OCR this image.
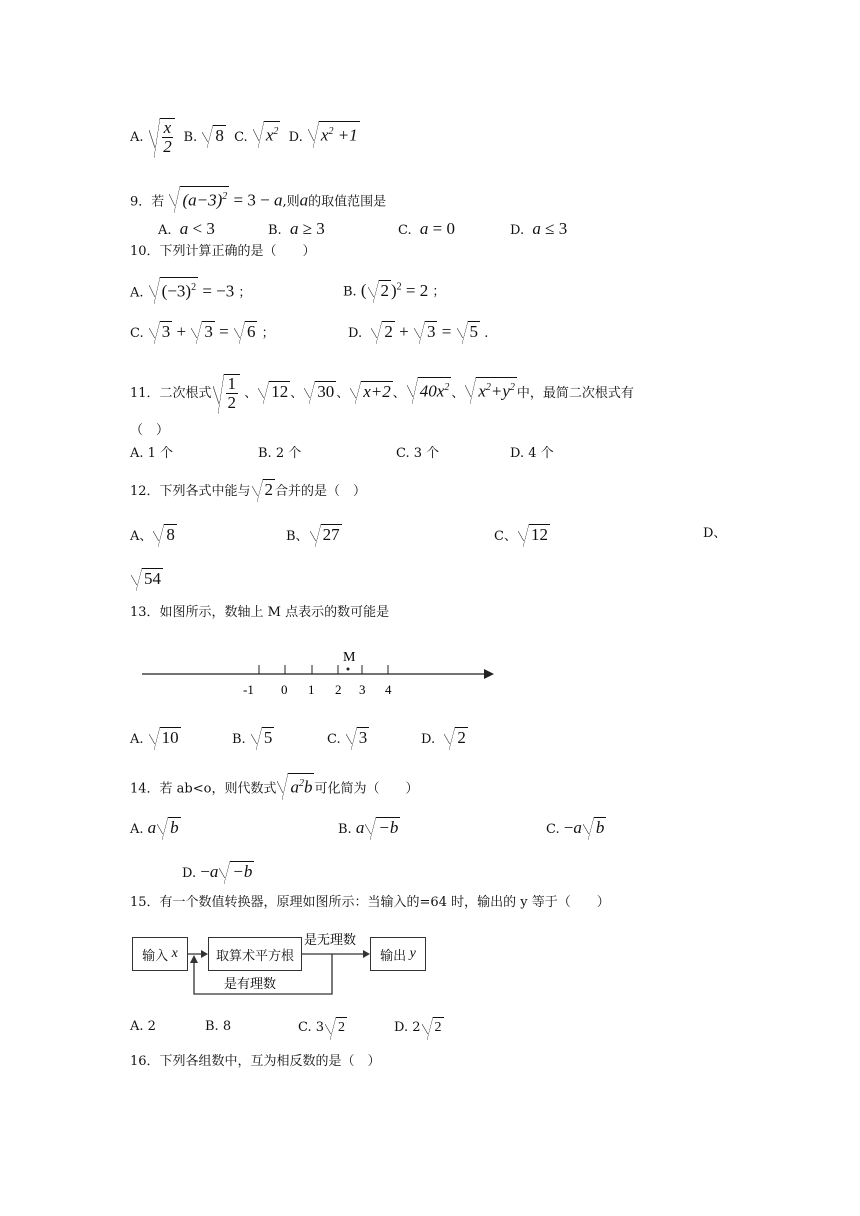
A. $\frac{x}{2} B$. 8 C. $x^2$ D. $x^2 +1$
9．若 $(a-3)^2 = 3 - a$,则a的取值范围是
A. a < 3	B. a ≥ 3	C. a = 0	D. a ≤ 3
10．下列计算正确的是（　　）
A. $(-3)^2 = -3$ ；	B. ( 2 )$^2$ = 2 ；
C. 3 + 3 = 6 ；	D. 2 + 3 = 5 .
11．二次根式 $\frac{1}{2}$ 、 12 、 30 、 x+2 、 $40x^2$ 、 $x^2+y^2$ 中，最简二次根式有
（　）
A. 1 个	B. 2 个	C. 3 个	D. 4 个
12．下列各式中能与 2 合并的是（　）
A、 8	B、 27	C、 12	D、
54
13．如图所示，数轴上 M 点表示的数可能是
M
-1 0 1 2 3 4
A. 10	B. 5	C. 3	D. 2
14．若 ab<o，则代数式 $a^2b$ 可化简为（　　）
A. a b	B. a −b	C. −a b
D. −a −b
15．有一个数值转换器，原理如图所示：当输入的=64 时，输出的 y 等于（　　）
输入 x	取算术平方根	输出 y
是无理数
是有理数
A. 2	B. 8	C. 3 2	D. 2 2
16．下列各组数中，互为相反数的是（　）
